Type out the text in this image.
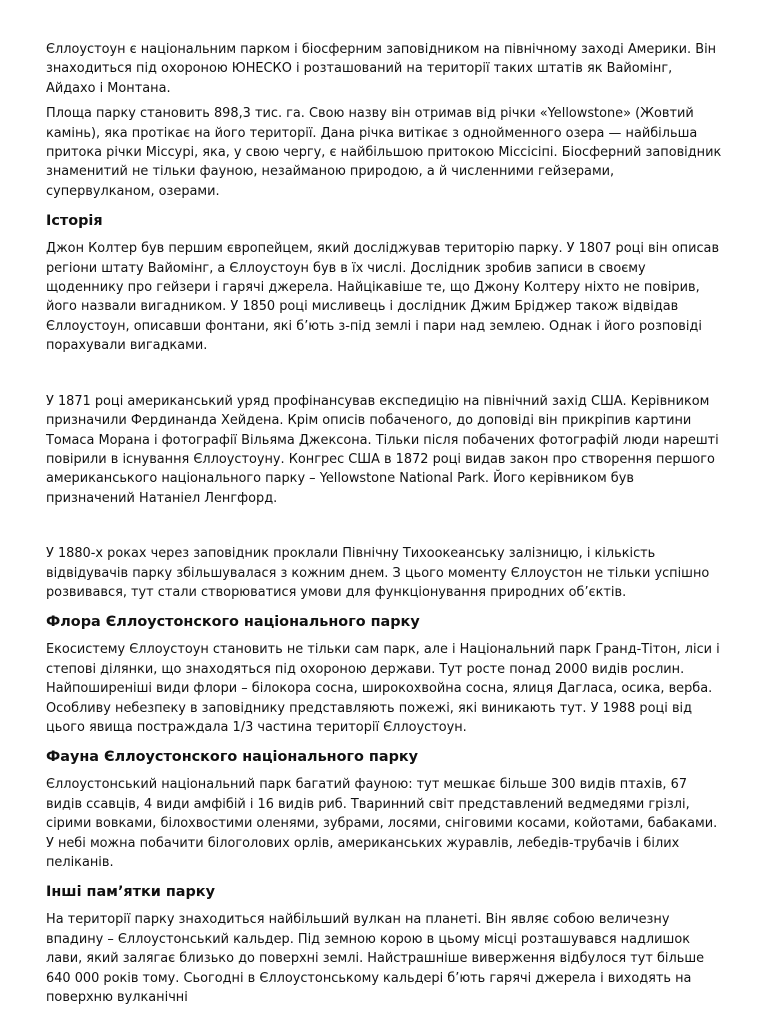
Єллоустоун є національним парком і біосферним заповідником на північному заході Америки. Він знаходиться під охороною ЮНЕСКО і розташований на території таких штатів як Вайомінг, Айдахо і Монтана.

Площа парку становить 898,3 тис. га. Свою назву він отримав від річки «Yellowstone» (Жовтий камінь), яка протікає на його території. Дана річка витікає з однойменного озера — найбільша притока річки Міссурі, яка, у свою чергу, є найбільшою притокою Міссісіпі. Біосферний заповідник знаменитий не тільки фауною, незайманою природою, а й численними гейзерами, супервулканом, озерами.

Історія

Джон Колтер був першим європейцем, який досліджував територію парку. У 1807 році він описав регіони штату Вайомінг, а Єллоустоун був в їх числі. Дослідник зробив записи в своєму щоденнику про гейзери і гарячі джерела. Найцікавіше те, що Джону Колтеру ніхто не повірив, його назвали вигадником. У 1850 році мисливець і дослідник Джим Бріджер також відвідав Єллоустоун, описавши фонтани, які б’ють з-під землі і пари над землею. Однак і його розповіді порахували вигадками.

У 1871 році американський уряд профінансував експедицію на північний захід США. Керівником призначили Фердинанда Хейдена. Крім описів побаченого, до доповіді він прикріпив картини Томаса Морана і фотографії Вільяма Джексона. Тільки після побачених фотографій люди нарешті повірили в існування Єллоустоуну. Конгрес США в 1872 році видав закон про створення першого американського національного парку – Yellowstone National Park. Його керівником був призначений Натаніел Ленгфорд.

У 1880-х роках через заповідник проклали Північну Тихоокеанську залізницю, і кількість відвідувачів парку збільшувалася з кожним днем. З цього моменту Єллоустон не тільки успішно розвивався, тут стали створюватися умови для функціонування природних об’єктів.

Флора Єллоустонского національного парку

Екосистему Єллоустоун становить не тільки сам парк, але і Національний парк Гранд-Тітон, ліси і степові ділянки, що знаходяться під охороною держави. Тут росте понад 2000 видів рослин. Найпоширеніші види флори – білокора сосна, широкохвойна сосна, ялиця Дагласа, осика, верба. Особливу небезпеку в заповіднику представляють пожежі, які виникають тут. У 1988 році від цього явища постраждала 1/3 частина території Єллоустоун.

Фауна Єллоустонского національного парку

Єллоустонський національний парк багатий фауною: тут мешкає більше 300 видів птахів, 67 видів ссавців, 4 види амфібій і 16 видів риб. Тваринний світ представлений ведмедями грізлі, сірими вовками, білохвостими оленями, зубрами, лосями, сніговими косами, койотами, бабаками. У небі можна побачити білоголових орлів, американських журавлів, лебедів-трубачів і білих пеліканів.

Інші пам’ятки парку

На території парку знаходиться найбільший вулкан на планеті. Він являє собою величезну впадину – Єллоустонський кальдер. Під земною корою в цьому місці розташувався надлишок лави, який залягає близько до поверхні землі. Найстрашніше виверження відбулося тут більше 640 000 років тому. Сьогодні в Єллоустонському кальдері б’ють гарячі джерела і виходять на поверхню вулканічні
